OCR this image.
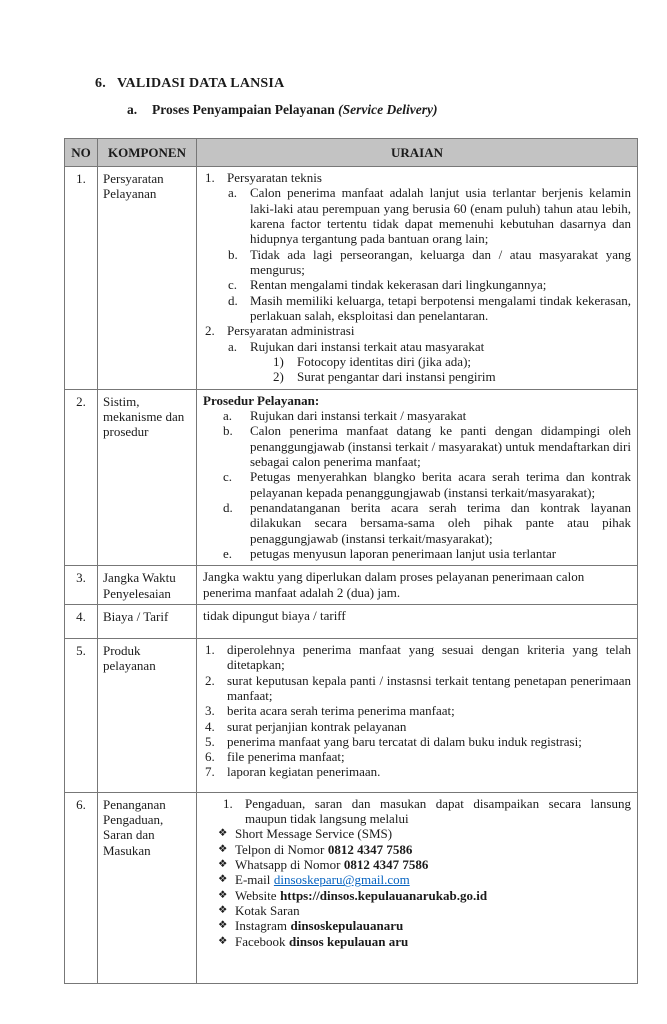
6. VALIDASI DATA LANSIA
a. Proses Penyampaian Pelayanan (Service Delivery)
NO	KOMPONEN	URAIAN
1.	Persyaratan Pelayanan	
1. Persyaratan teknis
a. Calon penerima manfaat adalah lanjut usia terlantar berjenis kelamin laki-laki atau perempuan yang berusia 60 (enam puluh) tahun atau lebih, karena factor tertentu tidak dapat memenuhi kebutuhan dasarnya dan hidupnya tergantung pada bantuan orang lain;
b. Tidak ada lagi perseorangan, keluarga dan / atau masyarakat yang mengurus;
c. Rentan mengalami tindak kekerasan dari lingkungannya;
d. Masih memiliki keluarga, tetapi berpotensi mengalami tindak kekerasan, perlakuan salah, eksploitasi dan penelantaran.
2. Persyaratan administrasi
a. Rujukan dari instansi terkait atau masyarakat
1)	Fotocopy identitas diri (jika ada);
2)	Surat pengantar dari instansi pengirim

2.	Sistim, mekanisme dan prosedur	
Prosedur Pelayanan:
a.	Rujukan dari instansi terkait / masyarakat
b.	Calon penerima manfaat datang ke panti dengan didampingi oleh penanggungjawab (instansi terkait / masyarakat) untuk mendaftarkan diri sebagai calon penerima manfaat;
c.	Petugas menyerahkan blangko berita acara serah terima dan kontrak pelayanan kepada penanggungjawab (instansi terkait/masyarakat);
d.	penandatanganan berita acara serah terima dan kontrak layanan dilakukan secara bersama-sama oleh pihak pante atau pihak penaggungjawab (instansi terkait/masyarakat);
e.	petugas menyusun laporan penerimaan lanjut usia terlantar

3.	Jangka Waktu Penyelesaian	Jangka waktu yang diperlukan dalam proses pelayanan penerimaan calon penerima manfaat adalah 2 (dua) jam.
4.	Biaya / Tarif	tidak dipungut biaya / tariff
5.	Produk pelayanan	
1. diperolehnya penerima manfaat yang sesuai dengan kriteria yang telah ditetapkan;
2. surat keputusan kepala panti / instasnsi terkait tentang penetapan penerimaan manfaat;
3. berita acara serah terima penerima manfaat;
4. surat perjanjian kontrak pelayanan
5. penerima manfaat yang baru tercatat di dalam buku induk registrasi;
6. file penerima manfaat;
7. laporan kegiatan penerimaan.

6.	Penanganan Pengaduan, Saran dan Masukan	
1. Pengaduan, saran dan masukan dapat disampaikan secara lansung maupun tidak langsung melalui
❖ Short Message Service (SMS)
❖ Telpon di Nomor 0812 4347 7586
❖ Whatsapp di Nomor 0812 4347 7586
❖ E-mail dinsoskeparu@gmail.com
❖ Website https://dinsos.kepulauanarukab.go.id
❖ Kotak Saran
❖ Instagram dinsoskepulauanaru
❖ Facebook dinsos kepulauan aru
